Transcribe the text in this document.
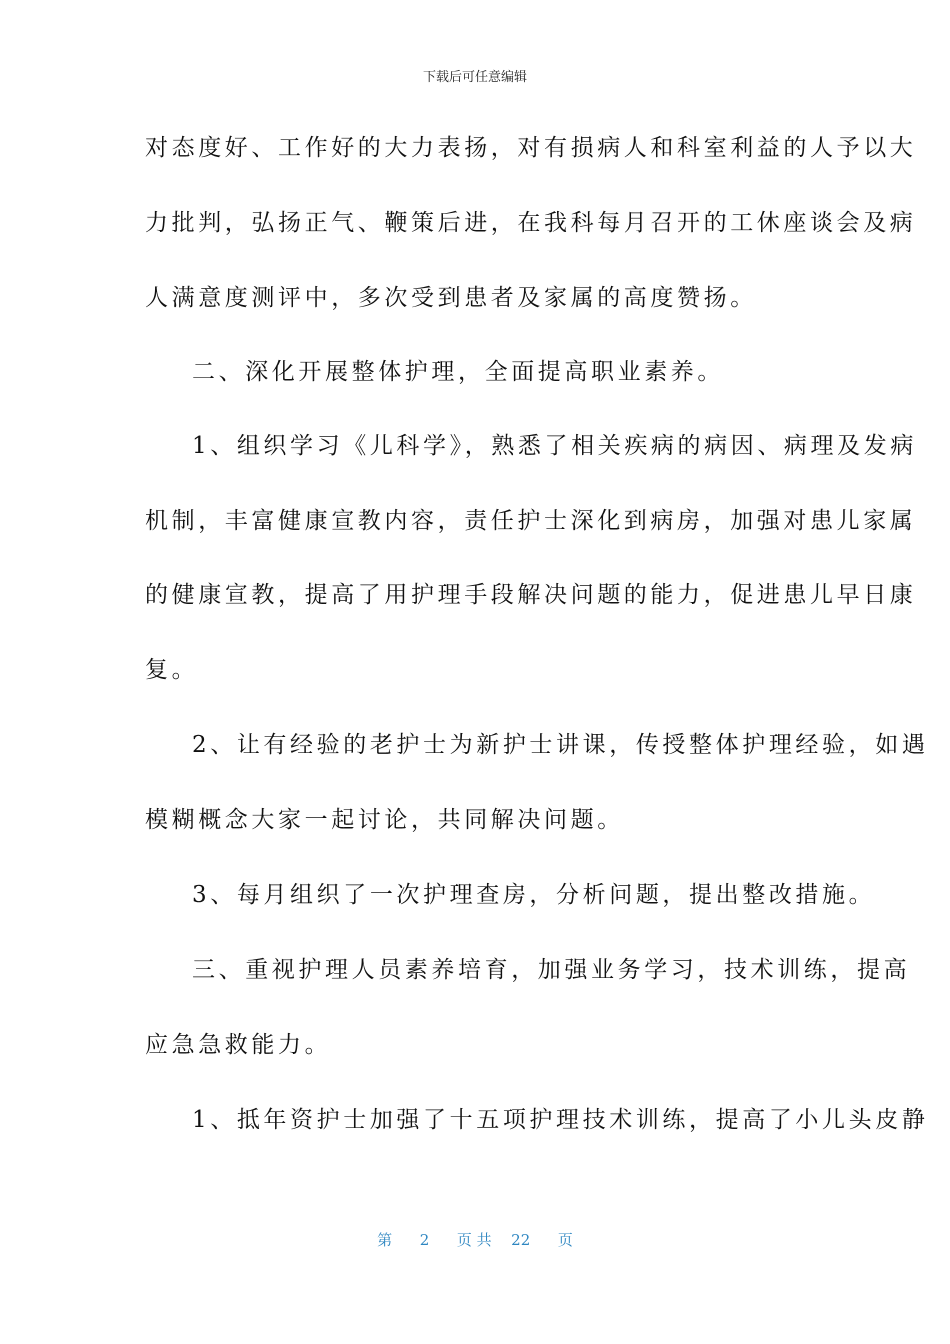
下载后可任意编辑
对态度好、工作好的大力表扬，对有损病人和科室利益的人予以大
力批判，弘扬正气、鞭策后进，在我科每月召开的工休座谈会及病
人满意度测评中，多次受到患者及家属的高度赞扬。
二、深化开展整体护理，全面提高职业素养。
1、组织学习《儿科学》，熟悉了相关疾病的病因、病理及发病
机制，丰富健康宣教内容，责任护士深化到病房，加强对患儿家属
的健康宣教，提高了用护理手段解决问题的能力，促进患儿早日康
复。
2、让有经验的老护士为新护士讲课，传授整体护理经验，如遇
模糊概念大家一起讨论，共同解决问题。
3、每月组织了一次护理查房，分析问题，提出整改措施。
三、重视护理人员素养培育，加强业务学习，技术训练，提高
应急急救能力。
1、抵年资护士加强了十五项护理技术训练，提高了小儿头皮静
第 2 页 共 22 页
